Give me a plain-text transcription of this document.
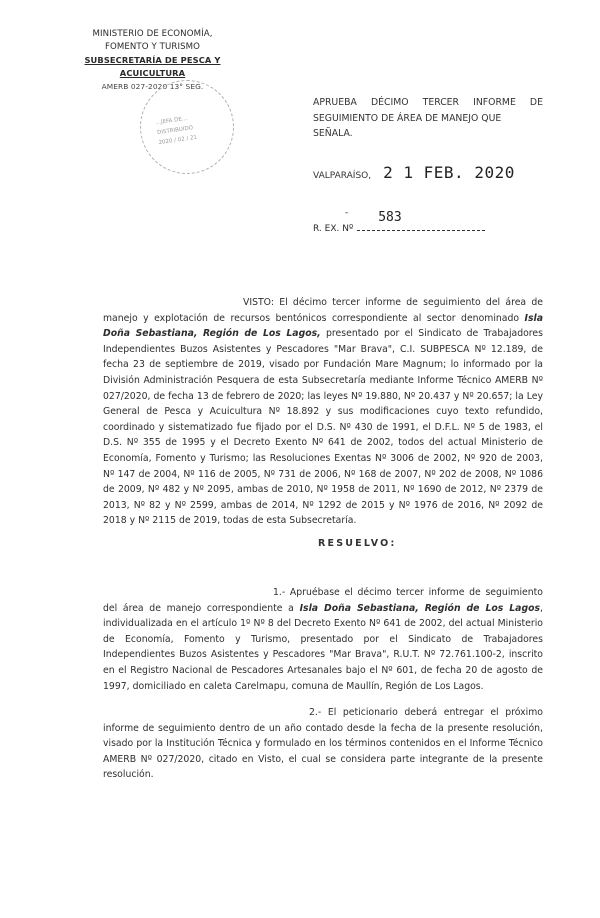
MINISTERIO DE ECONOMÍA,
FOMENTO Y TURISMO
SUBSECRETARÍA DE PESCA Y ACUICULTURA
AMERB 027-2020 13° SEG.
...JEFA DE...
DISTRIBUIDO
2020 / 02 / 21
APRUEBA DÉCIMO TERCER INFORME DE
SEGUIMIENTO DE ÁREA DE MANEJO QUE SEÑALA.
VALPARAÍSO, 2 1 FEB. 2020
-
R. EX. Nº
583
VISTO: El décimo tercer informe de seguimiento del área de manejo y explotación de recursos bentónicos correspondiente al sector denominado Isla Doña Sebastiana, Región de Los Lagos, presentado por el Sindicato de Trabajadores Independientes Buzos Asistentes y Pescadores "Mar Brava", C.I. SUBPESCA Nº 12.189, de fecha 23 de septiembre de 2019, visado por Fundación Mare Magnum; lo informado por la División Administración Pesquera de esta Subsecretaría mediante Informe Técnico AMERB Nº 027/2020, de fecha 13 de febrero de 2020; las leyes Nº 19.880, Nº 20.437 y Nº 20.657; la Ley General de Pesca y Acuicultura Nº 18.892 y sus modificaciones cuyo texto refundido, coordinado y sistematizado fue fijado por el D.S. Nº 430 de 1991, el D.F.L. Nº 5 de 1983, el D.S. Nº 355 de 1995 y el Decreto Exento Nº 641 de 2002, todos del actual Ministerio de Economía, Fomento y Turismo; las Resoluciones Exentas Nº 3006 de 2002, Nº 920 de 2003, Nº 147 de 2004, Nº 116 de 2005, Nº 731 de 2006, Nº 168 de 2007, Nº 202 de 2008, Nº 1086 de 2009, Nº 482 y Nº 2095, ambas de 2010, Nº 1958 de 2011, Nº 1690 de 2012, Nº 2379 de 2013, Nº 82 y Nº 2599, ambas de 2014, Nº 1292 de 2015 y Nº 1976 de 2016, Nº 2092 de 2018 y Nº 2115 de 2019, todas de esta Subsecretaría.
RESUELVO:
1.- Apruébase el décimo tercer informe de seguimiento del área de manejo correspondiente a Isla Doña Sebastiana, Región de Los Lagos, individualizada en el artículo 1º Nº 8 del Decreto Exento Nº 641 de 2002, del actual Ministerio de Economía, Fomento y Turismo, presentado por el Sindicato de Trabajadores Independientes Buzos Asistentes y Pescadores "Mar Brava", R.U.T. Nº 72.761.100-2, inscrito en el Registro Nacional de Pescadores Artesanales bajo el Nº 601, de fecha 20 de agosto de 1997, domiciliado en caleta Carelmapu, comuna de Maullín, Región de Los Lagos.
2.- El peticionario deberá entregar el próximo informe de seguimiento dentro de un año contado desde la fecha de la presente resolución, visado por la Institución Técnica y formulado en los términos contenidos en el Informe Técnico AMERB Nº 027/2020, citado en Visto, el cual se considera parte integrante de la presente resolución.
